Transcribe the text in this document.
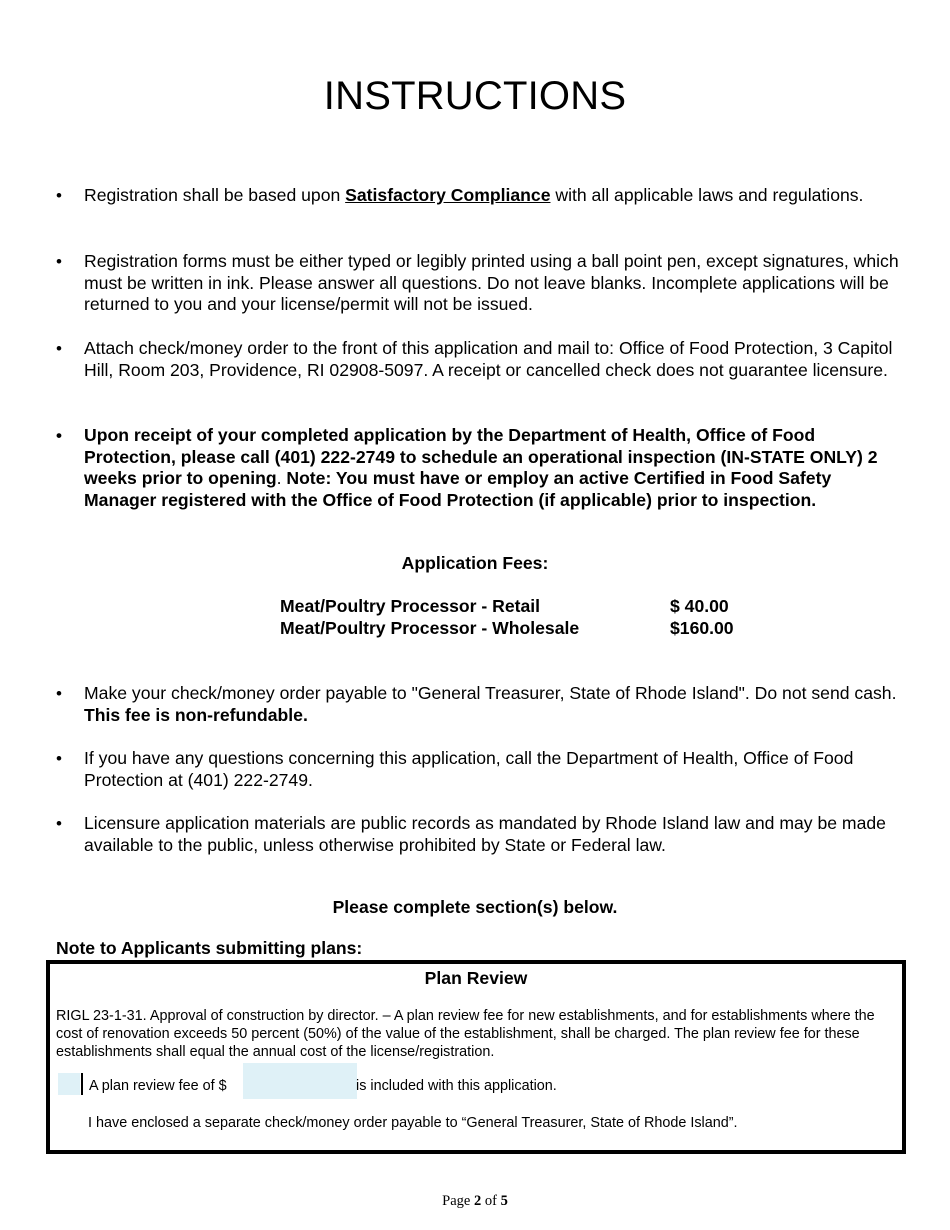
INSTRUCTIONS
• Registration shall be based upon Satisfactory Compliance with all applicable laws and regulations.
• Registration forms must be either typed or legibly printed using a ball point pen, except signatures, which must be written in ink. Please answer all questions. Do not leave blanks. Incomplete applications will be returned to you and your license/permit will not be issued.
• Attach check/money order to the front of this application and mail to: Office of Food Protection, 3 Capitol Hill, Room 203, Providence, RI 02908-5097. A receipt or cancelled check does not guarantee licensure.
• Upon receipt of your completed application by the Department of Health, Office of Food Protection, please call (401) 222-2749 to schedule an operational inspection (IN-STATE ONLY) 2 weeks prior to opening. Note: You must have or employ an active Certified in Food Safety Manager registered with the Office of Food Protection (if applicable) prior to inspection.
Application Fees:
Meat/Poultry Processor - Retail	$ 40.00
Meat/Poultry Processor - Wholesale	$160.00
• Make your check/money order payable to "General Treasurer, State of Rhode Island". Do not send cash. This fee is non-refundable.
• If you have any questions concerning this application, call the Department of Health, Office of Food Protection at (401) 222-2749.
• Licensure application materials are public records as mandated by Rhode Island law and may be made available to the public, unless otherwise prohibited by State or Federal law.
Please complete section(s) below.
Note to Applicants submitting plans:
Plan Review
RIGL 23-1-31. Approval of construction by director. – A plan review fee for new establishments, and for establishments where the cost of renovation exceeds 50 percent (50%) of the value of the establishment, shall be charged. The plan review fee for these establishments shall equal the annual cost of the license/registration.
A plan review fee of $	is included with this application.
I have enclosed a separate check/money order payable to “General Treasurer, State of Rhode Island”.
Page 2 of 5
